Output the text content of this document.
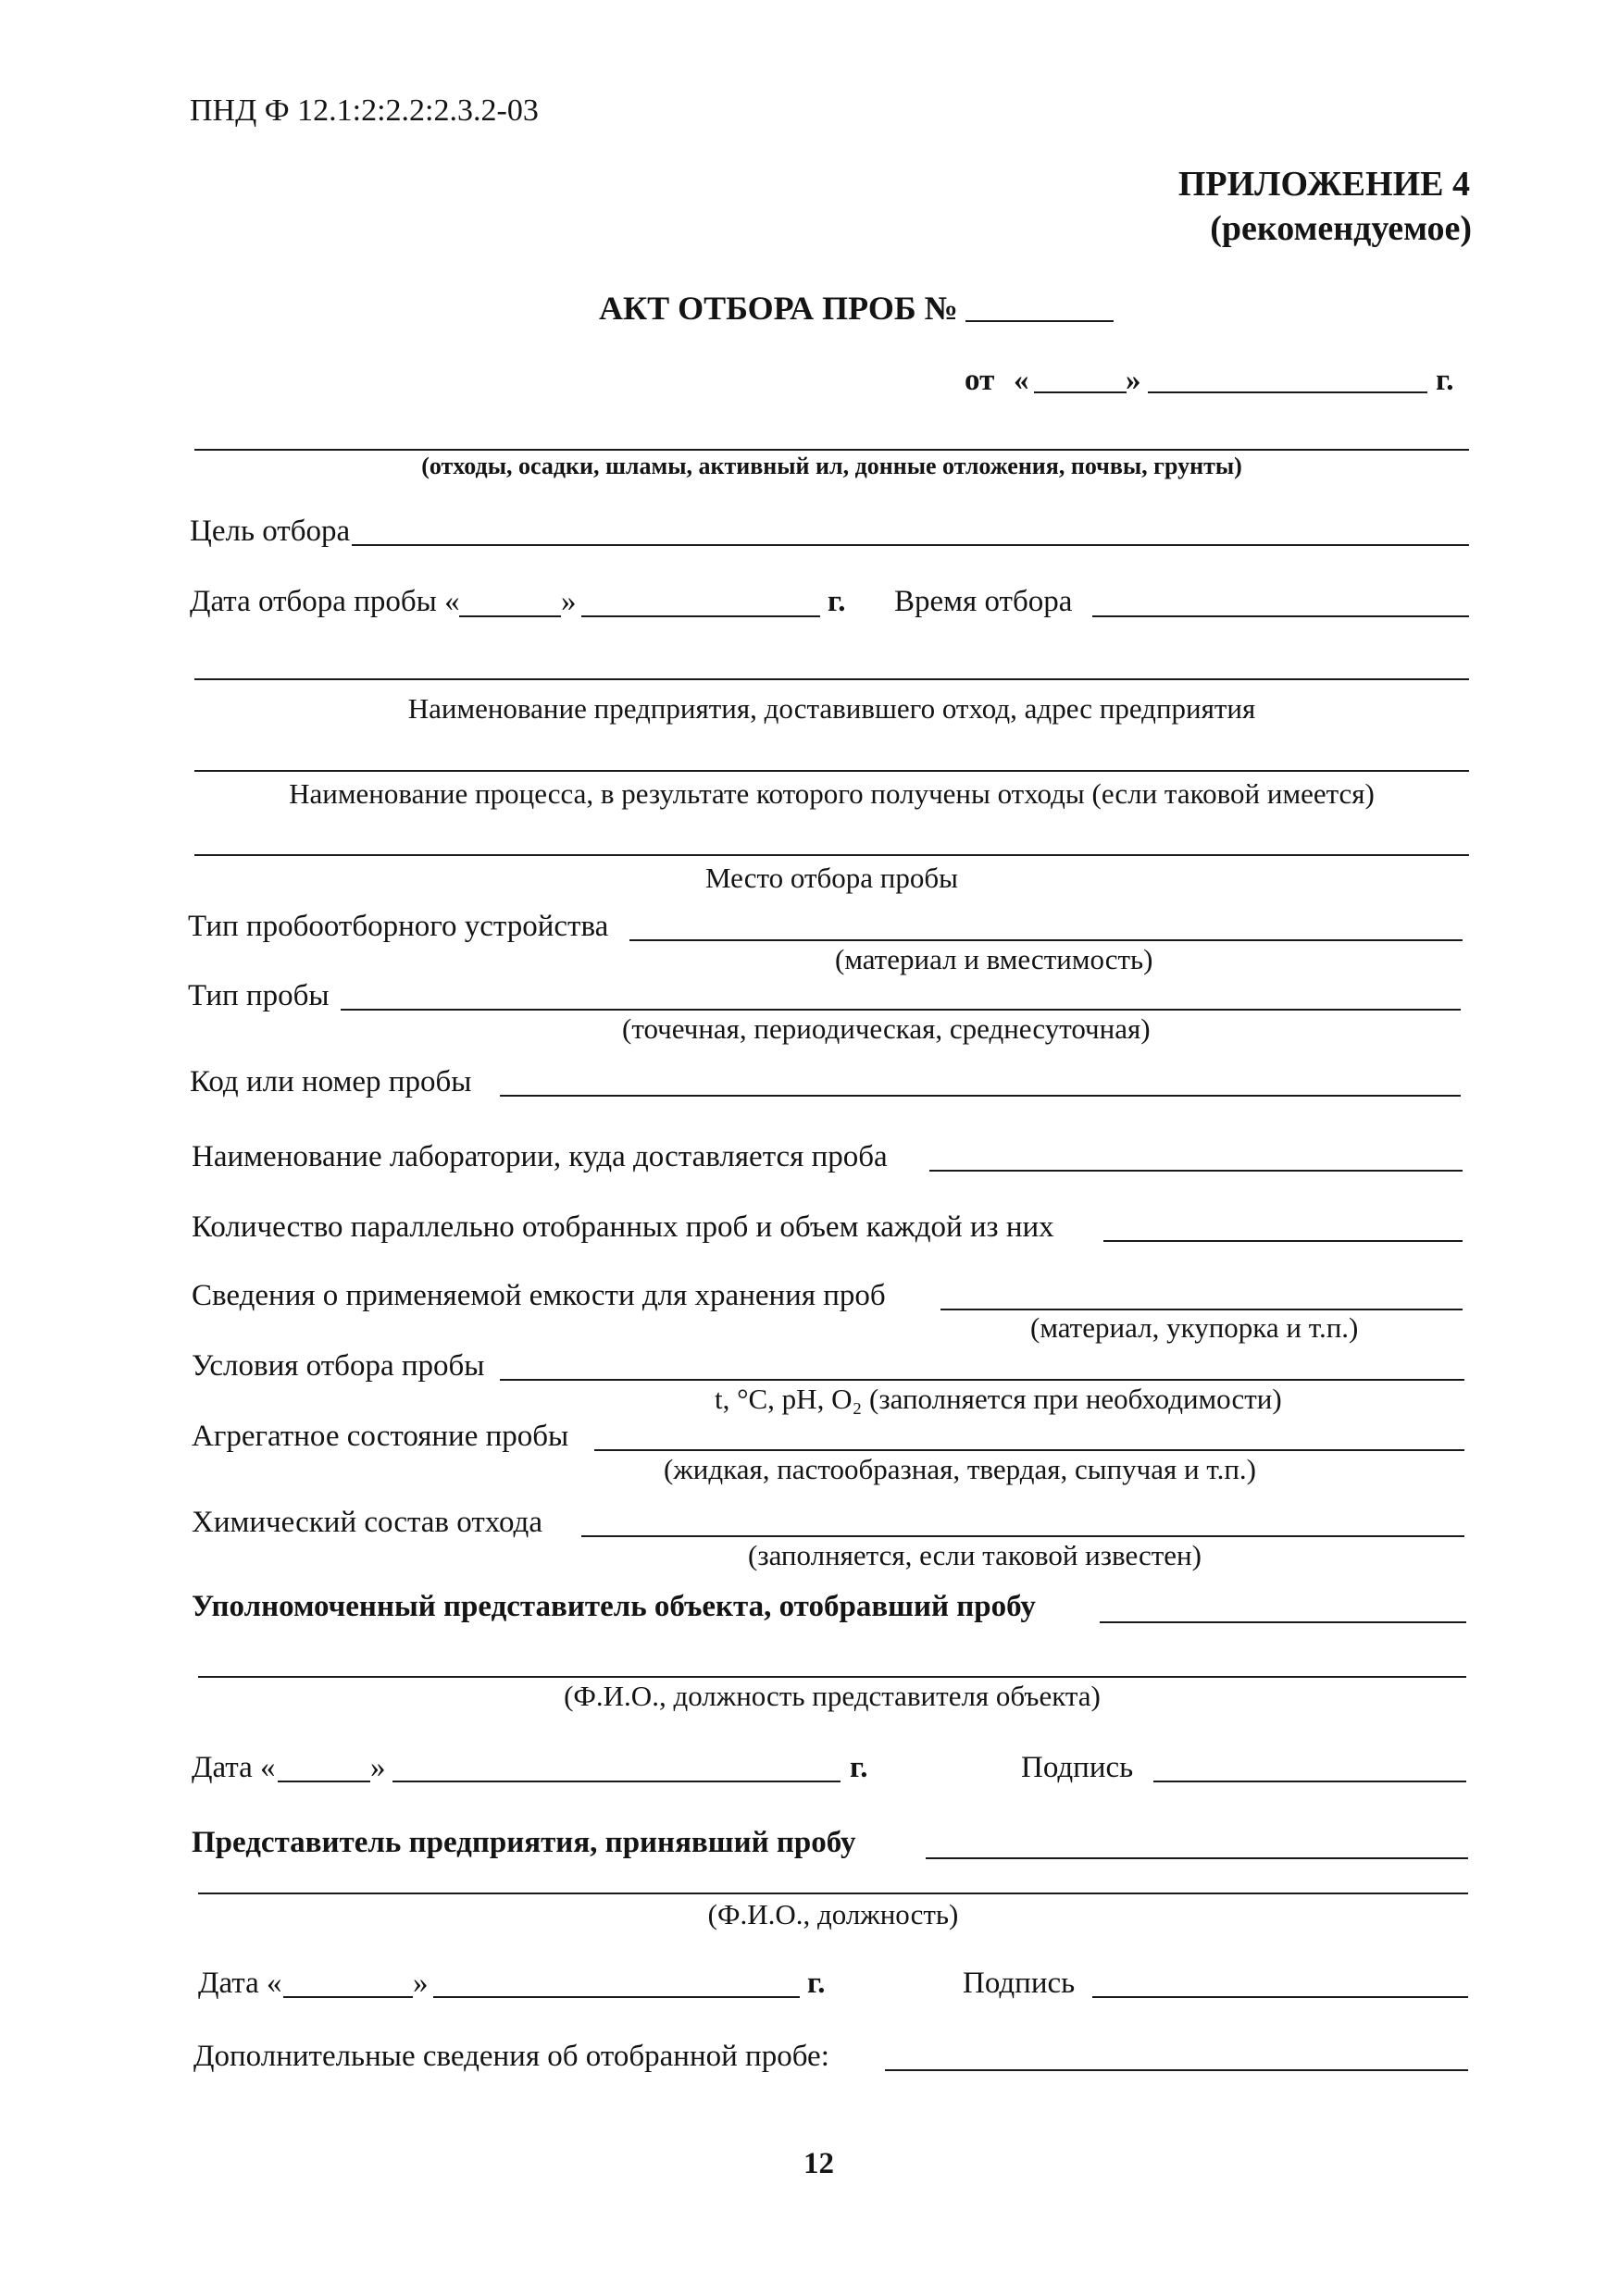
ПНД Ф 12.1:2:2.2:2.3.2-03
ПРИЛОЖЕНИЕ 4
(рекомендуемое)
АКТ ОТБОРА ПРОБ №
от «	»	г.
(отходы, осадки, шламы, активный ил, донные отложения, почвы, грунты)
Цель отбора
Дата отбора пробы «	»	г. Время отбора
Наименование предприятия, доставившего отход, адрес предприятия
Наименование процесса, в результате которого получены отходы (если таковой имеется)
Место отбора пробы
Тип пробоотборного устройства
(материал и вместимость)
Тип пробы
(точечная, периодическая, среднесуточная)
Код или номер пробы
Наименование лаборатории, куда доставляется проба
Количество параллельно отобранных проб и объем каждой из них
Сведения о применяемой емкости для хранения проб
(материал, укупорка и т.п.)
Условия отбора пробы
t, °C, pH, O₂ (заполняется при необходимости)
Агрегатное состояние пробы
(жидкая, пастообразная, твердая, сыпучая и т.п.)
Химический состав отхода
(заполняется, если таковой известен)
Уполномоченный представитель объекта, отобравший пробу
(Ф.И.О., должность представителя объекта)
Дата «	»	г.	Подпись
Представитель предприятия, принявший пробу
(Ф.И.О., должность)
Дата «	»	г.	Подпись
Дополнительные сведения об отобранной пробе:
12
